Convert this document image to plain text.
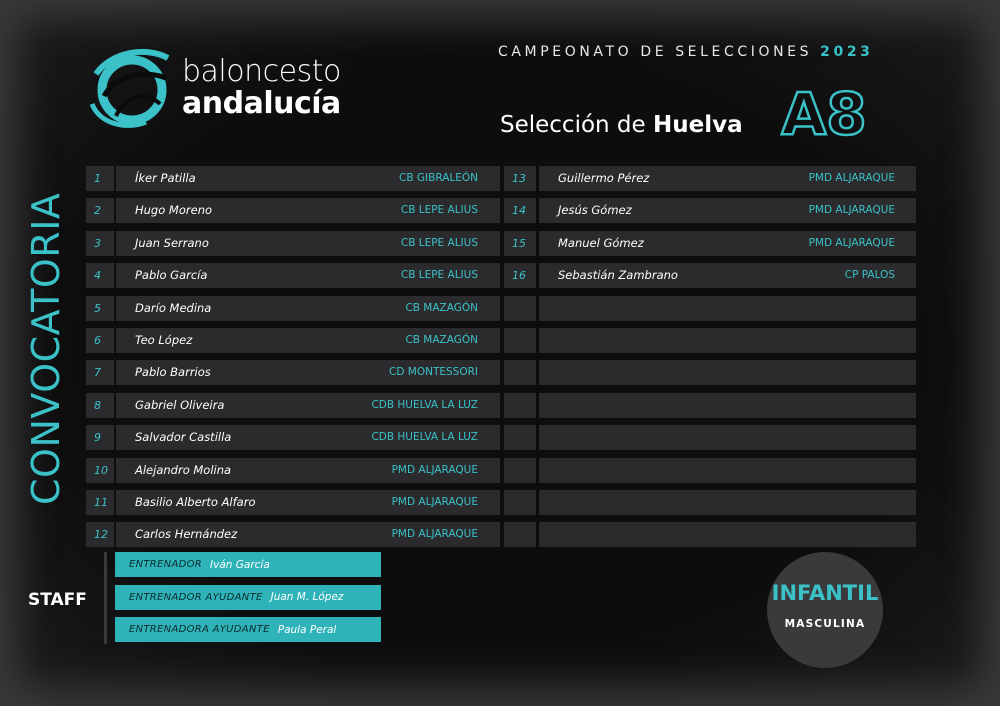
baloncesto
andalucía
CAMPEONATO DE SELECCIONES 2023
Selección de Huelva A8
CONVOCATORIA
1	Íker Patilla	CB GIBRALEÓN
2	Hugo Moreno	CB LEPE ALIUS
3	Juan Serrano	CB LEPE ALIUS
4	Pablo García	CB LEPE ALIUS
5	Darío Medina	CB MAZAGÓN
6	Teo López	CB MAZAGÓN
7	Pablo Barrios	CD MONTESSORI
8	Gabriel Oliveira	CDB HUELVA LA LUZ
9	Salvador Castilla	CDB HUELVA LA LUZ
10	Alejandro Molina	PMD ALJARAQUE
11	Basilio Alberto Alfaro	PMD ALJARAQUE
12	Carlos Hernández	PMD ALJARAQUE
13	Guillermo Pérez	PMD ALJARAQUE
14	Jesús Gómez	PMD ALJARAQUE
15	Manuel Gómez	PMD ALJARAQUE
16	Sebastián Zambrano	CP PALOS
STAFF
ENTRENADOR Iván García
ENTRENADOR AYUDANTE Juan M. López
ENTRENADORA AYUDANTE Paula Peral
INFANTIL
MASCULINA
